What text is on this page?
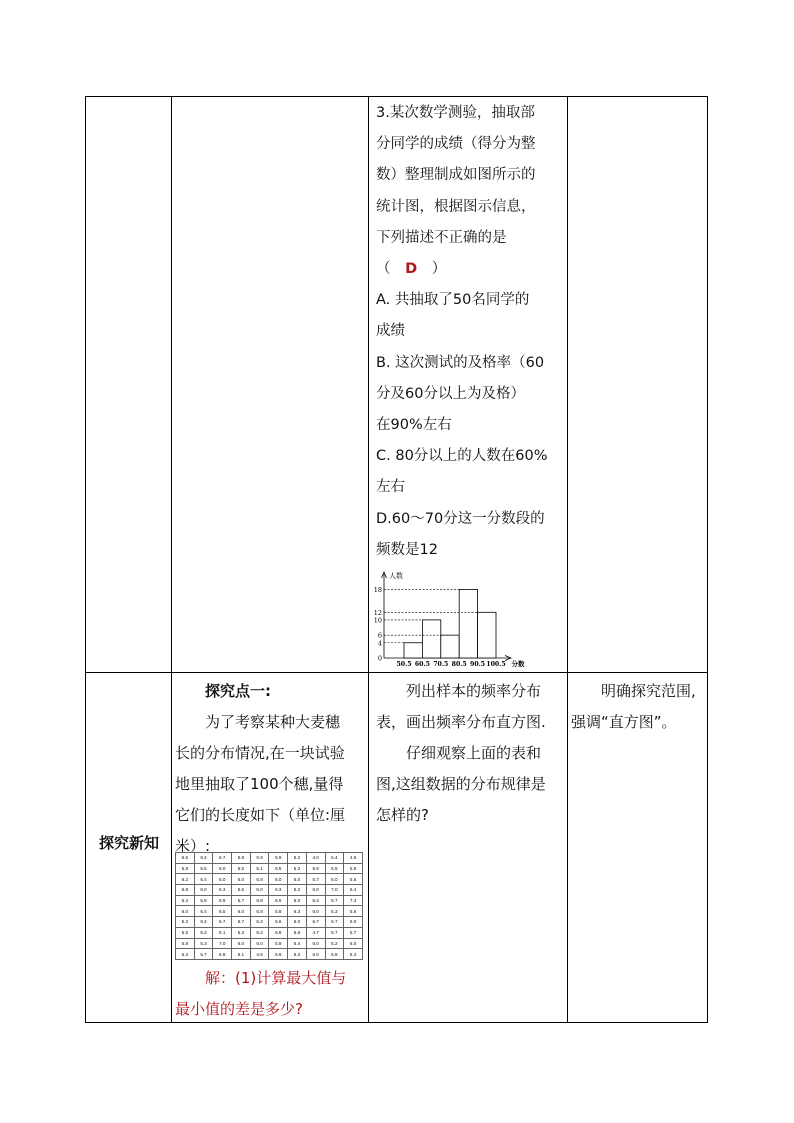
3.某次数学测验，抽取部

分同学的成绩（得分为整

数）整理制成如图所示的

统计图，根据图示信息，

下列描述不正确的是

（ D ）

A. 共抽取了50名同学的

成绩

B. 这次测试的及格率（60

分及60分以上为及格）

在90%左右

C. 80分以上的人数在60%

左右

D.60～70分这一分数段的

频数是12

人数
0
4
6
10
12
18
50.5 60.5 70.5 80.5 90.5 100.5 分数
探究新知

探究点一:

为了考察某种大麦穗

长的分布情况,在一块试验

地里抽取了100个穗,量得

它们的长度如下（单位:厘

米）:

6.5	6.4	6.7	5.8	5.9	5.9	5.2	4.0	5.4	4.6
5.8	5.5	6.0	6.5	5.1	6.5	5.3	5.9	5.5	5.8
6.2	5.4	5.0	5.0	6.8	6.0	5.0	5.7	6.0	5.5
6.8	6.0	6.3	5.5	5.0	6.3	5.2	6.0	7.0	6.4
6.4	5.8	5.9	5.7	6.8	6.6	6.0	6.4	5.7	7.4
6.0	5.4	6.5	6.0	6.8	5.8	6.3	6.0	6.3	5.6
5.3	6.4	5.7	6.7	6.2	5.6	6.0	6.7	6.7	6.0
5.5	6.2	6.1	5.3	6.2	6.8	6.6	4.7	5.7	5.7
5.8	5.3	7.0	6.0	6.0	5.9	5.4	6.0	5.2	6.0
6.3	5.7	6.8	6.1	4.5	5.6	6.3	6.0	5.8	6.3

解：(1)计算最大值与

最小值的差是多少?

列出样本的频率分布

表，画出频率分布直方图.

仔细观察上面的表和

图,这组数据的分布规律是

怎样的?

明确探究范围,

强调“直方图”。
